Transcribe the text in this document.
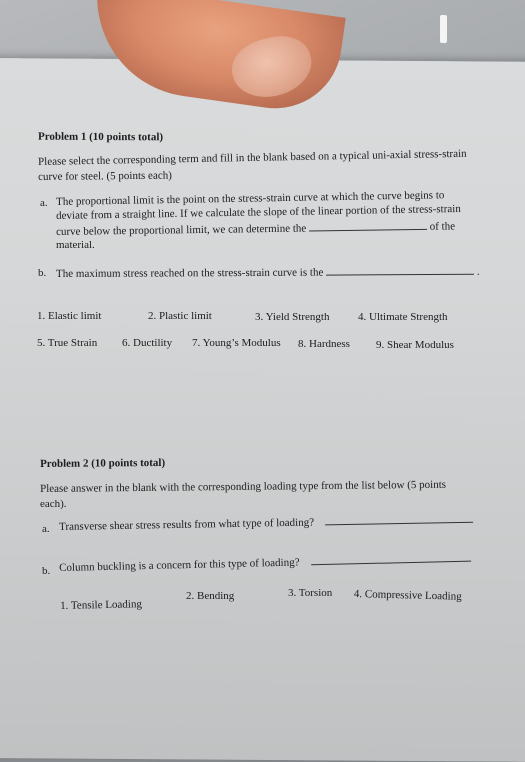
Problem 1 (10 points total)
Please select the corresponding term and fill in the blank based on a typical uni-axial stress-strain
curve for steel. (5 points each)
a. The proportional limit is the point on the stress-strain curve at which the curve begins to
deviate from a straight line. If we calculate the slope of the linear portion of the stress-strain
curve below the proportional limit, we can determine the	of the
material.
b. The maximum stress reached on the stress-strain curve is the	.
1. Elastic limit	2. Plastic limit	3. Yield Strength	4. Ultimate Strength
5. True Strain 6. Ductility 7. Young’s Modulus 8. Hardness 9. Shear Modulus
Problem 2 (10 points total)
Please answer in the blank with the corresponding loading type from the list below (5 points
each).
a. Transverse shear stress results from what type of loading?
b. Column buckling is a concern for this type of loading?
1. Tensile Loading
2. Bending	3. Torsion 4. Compressive Loading
